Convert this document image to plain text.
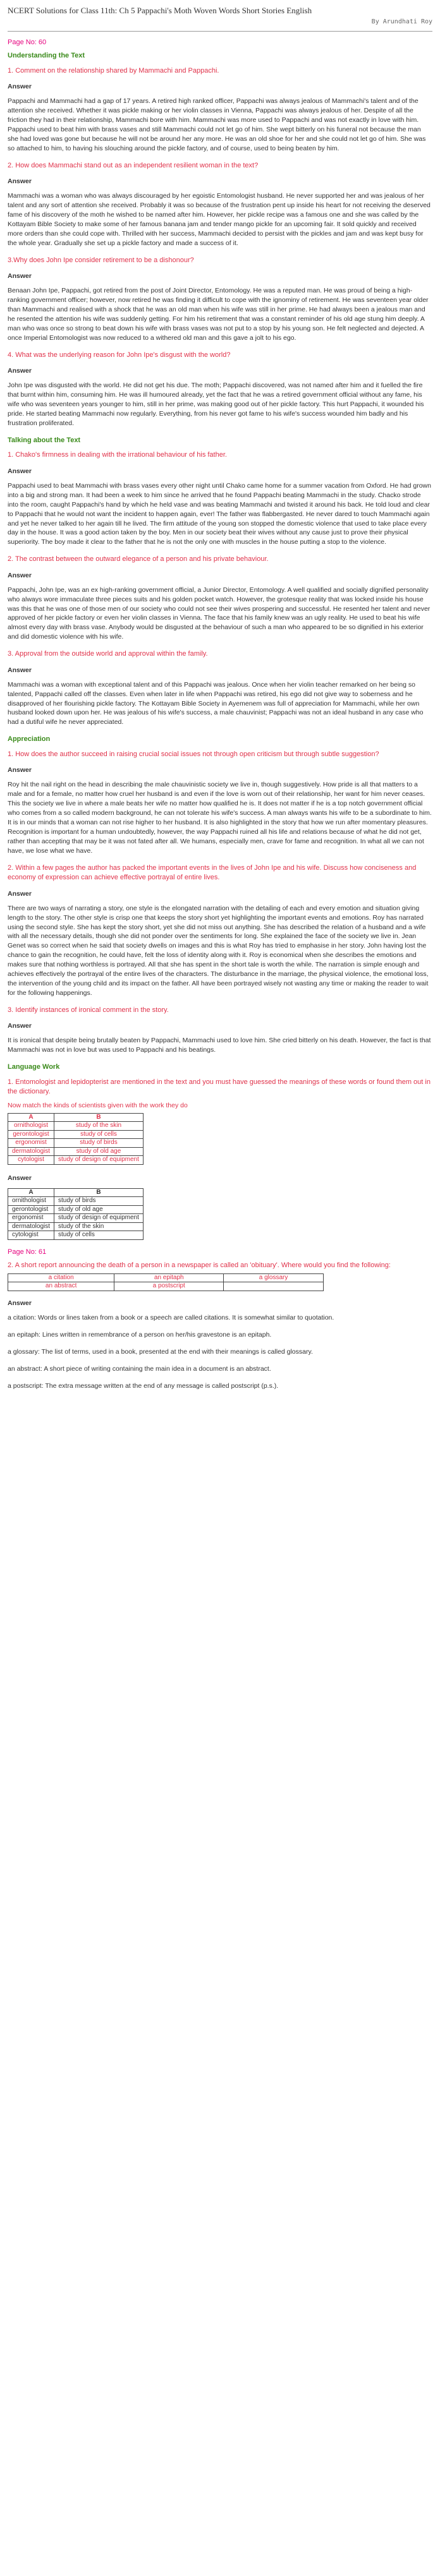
NCERT Solutions for Class 11th: Ch 5 Pappachi's Moth Woven Words Short Stories English

By Arundhati Roy

Page No: 60
Understanding the Text
1. Comment on the relationship shared by Mammachi and Pappachi.
Answer

Pappachi and Mammachi had a gap of 17 years. A retired high ranked officer, Pappachi was always jealous of Mammachi's talent and of the attention she received. Whether it was pickle making or her violin classes in Vienna, Pappachi was always jealous of her. Despite of all the friction they had in their relationship, Mammachi bore with him. Mammachi was more used to Pappachi and was not exactly in love with him. Pappachi used to beat him with brass vases and still Mammachi could not let go of him. She wept bitterly on his funeral not because the man she had loved was gone but because he will not be around her any more. He was an old shoe for her and she could not let go of him. She was so attached to him, to having his slouching around the pickle factory, and of course, used to being beaten by him.

2. How does Mammachi stand out as an independent resilient woman in the text?
Answer

Mammachi was a woman who was always discouraged by her egoistic Entomologist husband. He never supported her and was jealous of her talent and any sort of attention she received. Probably it was so because of the frustration pent up inside his heart for not receiving the deserved fame of his discovery of the moth he wished to be named after him. However, her pickle recipe was a famous one and she was called by the Kottayam Bible Society to make some of her famous banana jam and tender mango pickle for an upcoming fair. It sold quickly and received more orders than she could cope with. Thrilled with her success, Mammachi decided to persist with the pickles and jam and was kept busy for the whole year. Gradually she set up a pickle factory and made a success of it.

3.Why does John Ipe consider retirement to be a dishonour?
Answer

Benaan John Ipe, Pappachi, got retired from the post of Joint Director, Entomology. He was a reputed man. He was proud of being a high-ranking government officer; however, now retired he was finding it difficult to cope with the ignominy of retirement. He was seventeen year older than Mammachi and realised with a shock that he was an old man when his wife was still in her prime. He had always been a jealous man and he resented the attention his wife was suddenly getting. For him his retirement that was a constant reminder of his old age stung him deeply. A man who was once so strong to beat down his wife with brass vases was not put to a stop by his young son. He felt neglected and dejected. A once Imperial Entomologist was now reduced to a withered old man and this gave a jolt to his ego.

4. What was the underlying reason for John Ipe's disgust with the world?
Answer

John Ipe was disgusted with the world. He did not get his due. The moth; Pappachi discovered, was not named after him and it fuelled the fire that burnt within him, consuming him. He was ill humoured already, yet the fact that he was a retired government official without any fame, his wife who was seventeen years younger to him, still in her prime, was making good out of her pickle factory. This hurt Pappachi, it wounded his pride. He started beating Mammachi now regularly. Everything, from his never got fame to his wife's success wounded him badly and his frustration proliferated.

Talking about the Text
1. Chako's firmness in dealing with the irrational behaviour of his father.
Answer

Pappachi used to beat Mammachi with brass vases every other night until Chako came home for a summer vacation from Oxford. He had grown into a big and strong man. It had been a week to him since he arrived that he found Pappachi beating Mammachi in the study. Chacko strode into the room, caught Pappachi's hand by which he held vase and was beating Mammachi and twisted it around his back. He told loud and clear to Pappachi that he would not want the incident to happen again, ever! The father was flabbergasted. He never dared to touch Mammachi again and yet he never talked to her again till he lived. The firm attitude of the young son stopped the domestic violence that used to take place every day in the house. It was a good action taken by the boy. Men in our society beat their wives without any cause just to prove their physical superiority. The boy made it clear to the father that he is not the only one with muscles in the house putting a stop to the violence.

2. The contrast between the outward elegance of a person and his private behaviour.
Answer

Pappachi, John Ipe, was an ex high-ranking government official, a Junior Director, Entomology. A well qualified and socially dignified personality who always wore immaculate three pieces suits and his golden pocket watch. However, the grotesque reality that was locked inside his house was this that he was one of those men of our society who could not see their wives prospering and successful. He resented her talent and never approved of her pickle factory or even her violin classes in Vienna. The face that his family knew was an ugly reality. He used to beat his wife almost every day with brass vase. Anybody would be disgusted at the behaviour of such a man who appeared to be so dignified in his exterior and did domestic violence with his wife.

3. Approval from the outside world and approval within the family.
Answer

Mammachi was a woman with exceptional talent and of this Pappachi was jealous. Once when her violin teacher remarked on her being so talented, Pappachi called off the classes. Even when later in life when Pappachi was retired, his ego did not give way to soberness and he disapproved of her flourishing pickle factory. The Kottayam Bible Society in Ayemenem was full of appreciation for Mammachi, while her own husband looked down upon her. He was jealous of his wife's success, a male chauvinist; Pappachi was not an ideal husband in any case who had a dutiful wife he never appreciated.

Appreciation
1. How does the author succeed in raising crucial social issues not through open criticism but through subtle suggestion?
Answer

Roy hit the nail right on the head in describing the male chauvinistic society we live in, though suggestively. How pride is all that matters to a male and for a female, no matter how cruel her husband is and even if the love is worn out of their relationship, her want for him never ceases. This the society we live in where a male beats her wife no matter how qualified he is. It does not matter if he is a top notch government official who comes from a so called modern background, he can not tolerate his wife's success. A man always wants his wife to be a subordinate to him. It is in our minds that a woman can not rise higher to her husband. It is also highlighted in the story that how we run after momentary pleasures. Recognition is important for a human undoubtedly, however, the way Pappachi ruined all his life and relations because of what he did not get, rather than accepting that may be it was not fated after all. We humans, especially men, crave for fame and recognition. In what all we can not have, we lose what we have.

2. Within a few pages the author has packed the important events in the lives of John Ipe and his wife. Discuss how conciseness and economy of expression can achieve effective portrayal of entire lives.
Answer

There are two ways of narrating a story, one style is the elongated narration with the detailing of each and every emotion and situation giving length to the story. The other style is crisp one that keeps the story short yet highlighting the important events and emotions. Roy has narrated using the second style. She has kept the story short, yet she did not miss out anything. She has described the relation of a husband and a wife with all the necessary details, though she did not ponder over the sentiments for long. She explained the face of the society we live in. Jean Genet was so correct when he said that society dwells on images and this is what Roy has tried to emphasise in her story. John having lost the chance to gain the recognition, he could have, felt the loss of identity along with it. Roy is economical when she describes the emotions and makes sure that nothing worthless is portrayed. All that she has spent in the short tale is worth the while. The narration is simple enough and achieves effectively the portrayal of the entire lives of the characters. The disturbance in the marriage, the physical violence, the emotional loss, the intervention of the young child and its impact on the father. All have been portrayed wisely not wasting any time or making the reader to wait for the following happenings.

3. Identify instances of ironical comment in the story.
Answer

It is ironical that despite being brutally beaten by Pappachi, Mammachi used to love him. She cried bitterly on his death. However, the fact is that Mammachi was not in love but was used to Pappachi and his beatings.

Language Work
1. Entomologist and lepidopterist are mentioned in the text and you must have guessed the meanings of these words or found them out in the dictionary.
Now match the kinds of scientists given with the work they do
A	B
ornithologist	study of the skin
gerontologist	study of cells
ergonomist	study of birds
dermatologist	study of old age
cytologist	study of design of equipment
Answer
A	B
ornithologist	study of birds
gerontologist	study of old age
ergonomist	study of design of equipment
dermatologist	study of the skin
cytologist	study of cells
Page No: 61
2. A short report announcing the death of a person in a newspaper is called an 'obituary'. Where would you find the following:
a citation	an epitaph	a glossary
an abstract	a postscript	
Answer

a citation: Words or lines taken from a book or a speech are called citations. It is somewhat similar to quotation.

an epitaph: Lines written in remembrance of a person on her/his gravestone is an epitaph.

a glossary: The list of terms, used in a book, presented at the end with their meanings is called glossary.

an abstract: A short piece of writing containing the main idea in a document is an abstract.

a postscript: The extra message written at the end of any message is called postscript (p.s.).
